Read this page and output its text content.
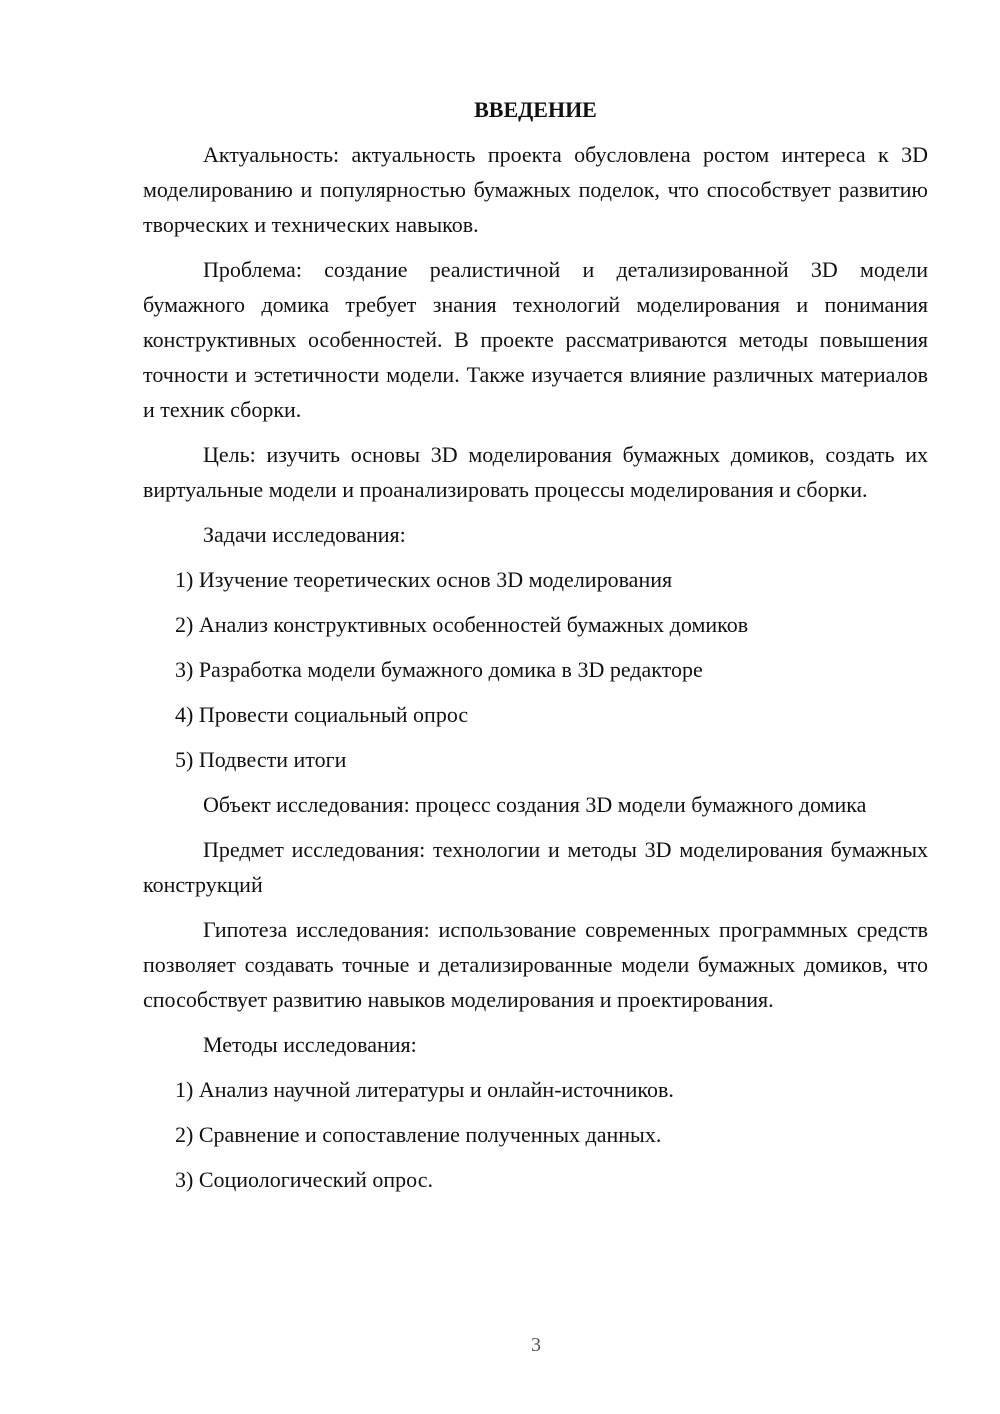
ВВЕДЕНИЕ

Актуальность: актуальность проекта обусловлена ростом интереса к 3D моделированию и популярностью бумажных поделок, что способствует развитию творческих и технических навыков.

Проблема: создание реалистичной и детализированной 3D модели бумажного домика требует знания технологий моделирования и понимания конструктивных особенностей. В проекте рассматриваются методы повышения точности и эстетичности модели. Также изучается влияние различных материалов и техник сборки.

Цель: изучить основы 3D моделирования бумажных домиков, создать их виртуальные модели и проанализировать процессы моделирования и сборки.

Задачи исследования:

1) Изучение теоретических основ 3D моделирования

2) Анализ конструктивных особенностей бумажных домиков

3) Разработка модели бумажного домика в 3D редакторе

4) Провести социальный опрос

5) Подвести итоги

Объект исследования: процесс создания 3D модели бумажного домика

Предмет исследования: технологии и методы 3D моделирования бумажных конструкций

Гипотеза исследования: использование современных программных средств позволяет создавать точные и детализированные модели бумажных домиков, что способствует развитию навыков моделирования и проектирования.

Методы исследования:

1) Анализ научной литературы и онлайн-источников.

2) Сравнение и сопоставление полученных данных.

3) Социологический опрос.

3
